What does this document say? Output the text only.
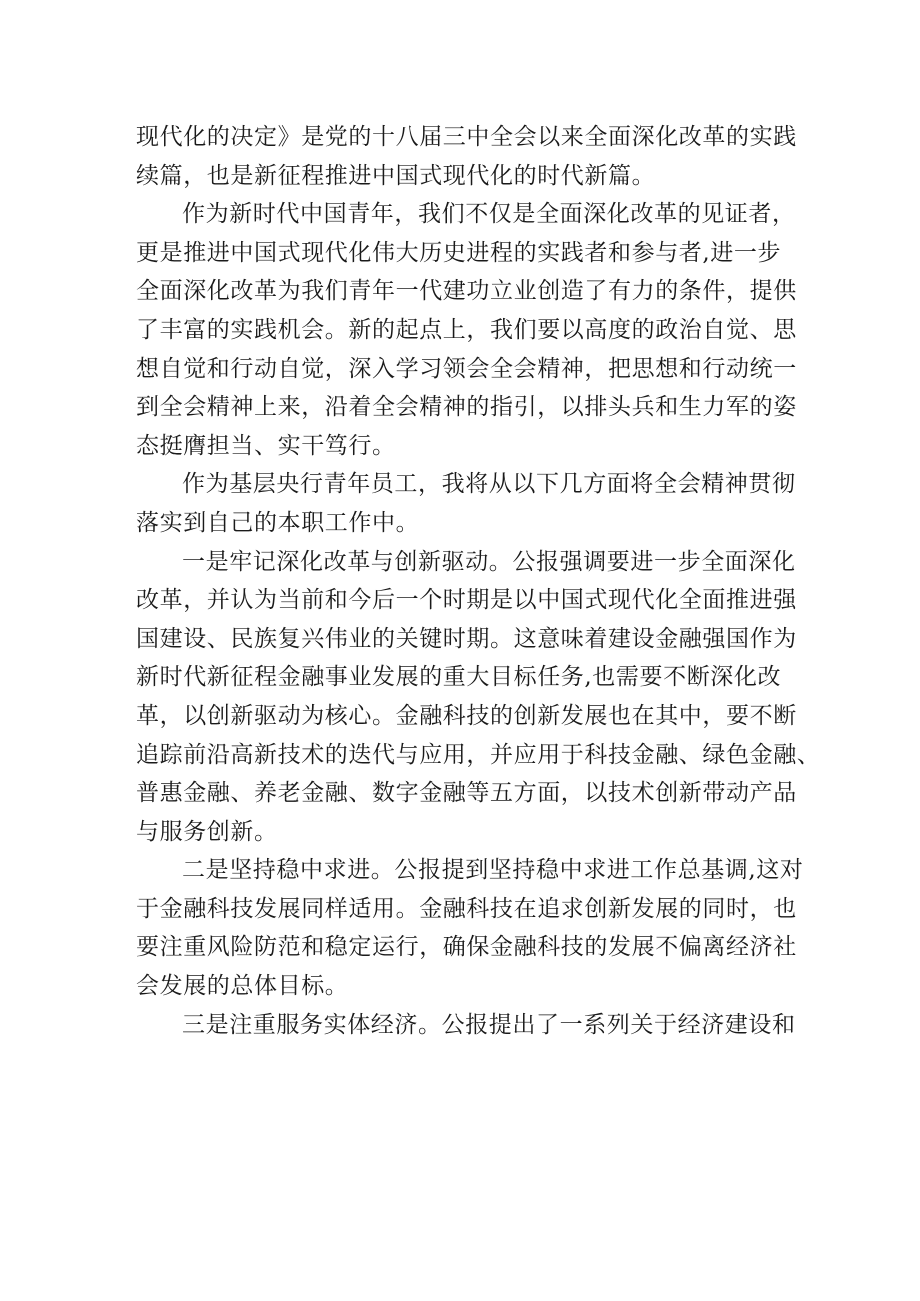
现代化的决定》是党的十八届三中全会以来全面深化改革的实践
续篇，也是新征程推进中国式现代化的时代新篇。
作为新时代中国青年，我们不仅是全面深化改革的见证者，
更是推进中国式现代化伟大历史进程的实践者和参与者,进一步
全面深化改革为我们青年一代建功立业创造了有力的条件，提供
了丰富的实践机会。新的起点上，我们要以高度的政治自觉、思
想自觉和行动自觉，深入学习领会全会精神，把思想和行动统一
到全会精神上来，沿着全会精神的指引，以排头兵和生力军的姿
态挺膺担当、实干笃行。
作为基层央行青年员工，我将从以下几方面将全会精神贯彻
落实到自己的本职工作中。
一是牢记深化改革与创新驱动。公报强调要进一步全面深化
改革，并认为当前和今后一个时期是以中国式现代化全面推进强
国建设、民族复兴伟业的关键时期。这意味着建设金融强国作为
新时代新征程金融事业发展的重大目标任务,也需要不断深化改
革，以创新驱动为核心。金融科技的创新发展也在其中，要不断
追踪前沿高新技术的迭代与应用，并应用于科技金融、绿色金融、
普惠金融、养老金融、数字金融等五方面，以技术创新带动产品
与服务创新。
二是坚持稳中求进。公报提到坚持稳中求进工作总基调,这对
于金融科技发展同样适用。金融科技在追求创新发展的同时，也
要注重风险防范和稳定运行，确保金融科技的发展不偏离经济社
会发展的总体目标。
三是注重服务实体经济。公报提出了一系列关于经济建设和
